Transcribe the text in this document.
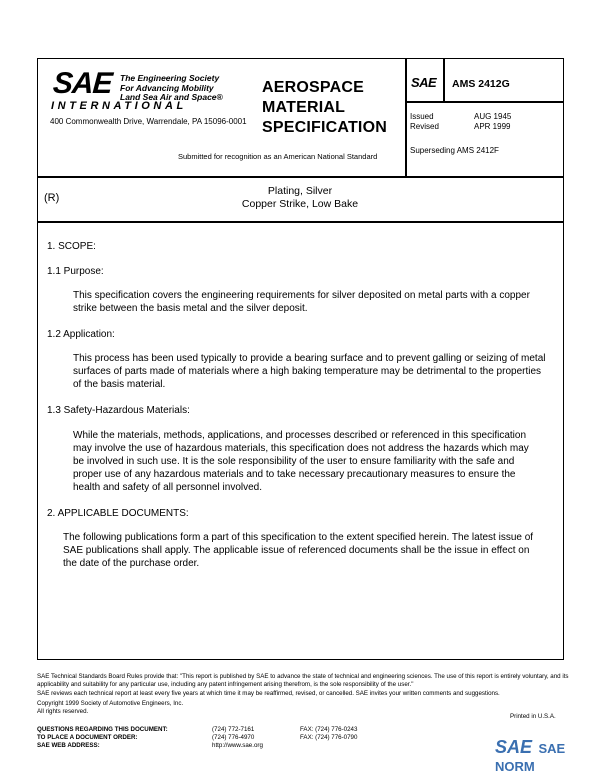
SAE The Engineering Society
For Advancing Mobility
Land Sea Air and Space®
INTERNATIONAL
400 Commonwealth Drive, Warrendale, PA 15096-0001
AEROSPACE
MATERIAL
SPECIFICATION
Submitted for recognition as an American National Standard
SAE AMS 2412G
Issued	AUG 1945
Revised	APR 1999
Superseding AMS 2412F
(R)
Plating, Silver
Copper Strike, Low Bake
1. SCOPE:
1.1 Purpose:
This specification covers the engineering requirements for silver deposited on metal parts with a copper strike between the basis metal and the silver deposit.
1.2 Application:
This process has been used typically to provide a bearing surface and to prevent galling or seizing of metal surfaces of parts made of materials where a high baking temperature may be detrimental to the properties of the basis material.
1.3 Safety-Hazardous Materials:
While the materials, methods, applications, and processes described or referenced in this specification may involve the use of hazardous materials, this specification does not address the hazards which may be involved in such use. It is the sole responsibility of the user to ensure familiarity with the safe and proper use of any hazardous materials and to take necessary precautionary measures to ensure the health and safety of all personnel involved.
2. APPLICABLE DOCUMENTS:
The following publications form a part of this specification to the extent specified herein. The latest issue of SAE publications shall apply. The applicable issue of referenced documents shall be the issue in effect on the date of the purchase order.
SAE Technical Standards Board Rules provide that: "This report is published by SAE to advance the state of technical and engineering sciences. The use of this report is entirely voluntary, and its applicability and suitability for any particular use, including any patent infringement arising therefrom, is the sole responsibility of the user."
SAE reviews each technical report at least every five years at which time it may be reaffirmed, revised, or cancelled. SAE invites your written comments and suggestions.
Copyright 1999 Society of Automotive Engineers, Inc.
All rights reserved.
Printed in U.S.A.
QUESTIONS REGARDING THIS DOCUMENT:	(724) 772-7161	FAX: (724) 776-0243
TO PLACE A DOCUMENT ORDER:	(724) 776-4970	FAX: (724) 776-0790
SAE WEB ADDRESS:	http://www.sae.org	SAE SAE NORM
